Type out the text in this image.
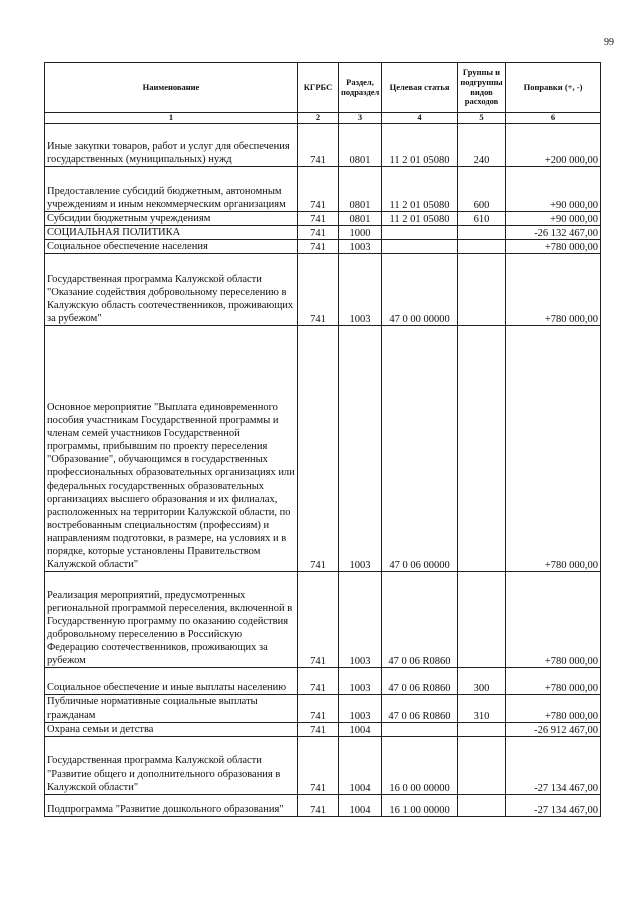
99
Наименование	КГРБС	Раздел, подраздел	Целевая статья	Группы и подгруппы видов расходов	Поправки (+, -)
1	2	3	4	5	6
Иные закупки товаров, работ и услуг для обеспечения государственных (муниципальных) нужд	741	0801	11 2 01 05080	240	+200 000,00
Предоставление субсидий бюджетным, автономным учреждениям и иным некоммерческим организациям	741	0801	11 2 01 05080	600	+90 000,00
Субсидии бюджетным учреждениям	741	0801	11 2 01 05080	610	+90 000,00
СОЦИАЛЬНАЯ ПОЛИТИКА	741	1000			-26 132 467,00
Социальное обеспечение населения	741	1003			+780 000,00
Государственная программа Калужской области "Оказание содействия добровольному переселению в Калужскую область соотечественников, проживающих за рубежом"	741	1003	47 0 00 00000		+780 000,00
Основное мероприятие "Выплата единовременного пособия участникам Государственной программы и членам семей участников Государственной программы, прибывшим по проекту переселения "Образование", обучающимся в государственных профессиональных образовательных организациях или федеральных государственных образовательных организациях высшего образования и их филиалах, расположенных на территории Калужской области, по востребованным специальностям (профессиям) и направлениям подготовки, в размере, на условиях и в порядке, которые установлены Правительством Калужской области"	741	1003	47 0 06 00000		+780 000,00
Реализация мероприятий, предусмотренных региональной программой переселения, включенной в Государственную программу по оказанию содействия добровольному переселению в Российскую Федерацию соотечественников, проживающих за рубежом	741	1003	47 0 06 R0860		+780 000,00
Социальное обеспечение и иные выплаты населению	741	1003	47 0 06 R0860	300	+780 000,00
Публичные нормативные социальные выплаты гражданам	741	1003	47 0 06 R0860	310	+780 000,00
Охрана семьи и детства	741	1004			-26 912 467,00
Государственная программа Калужской области "Развитие общего и дополнительного образования в Калужской области"	741	1004	16 0 00 00000		-27 134 467,00
Подпрограмма "Развитие дошкольного образования"	741	1004	16 1 00 00000		-27 134 467,00
